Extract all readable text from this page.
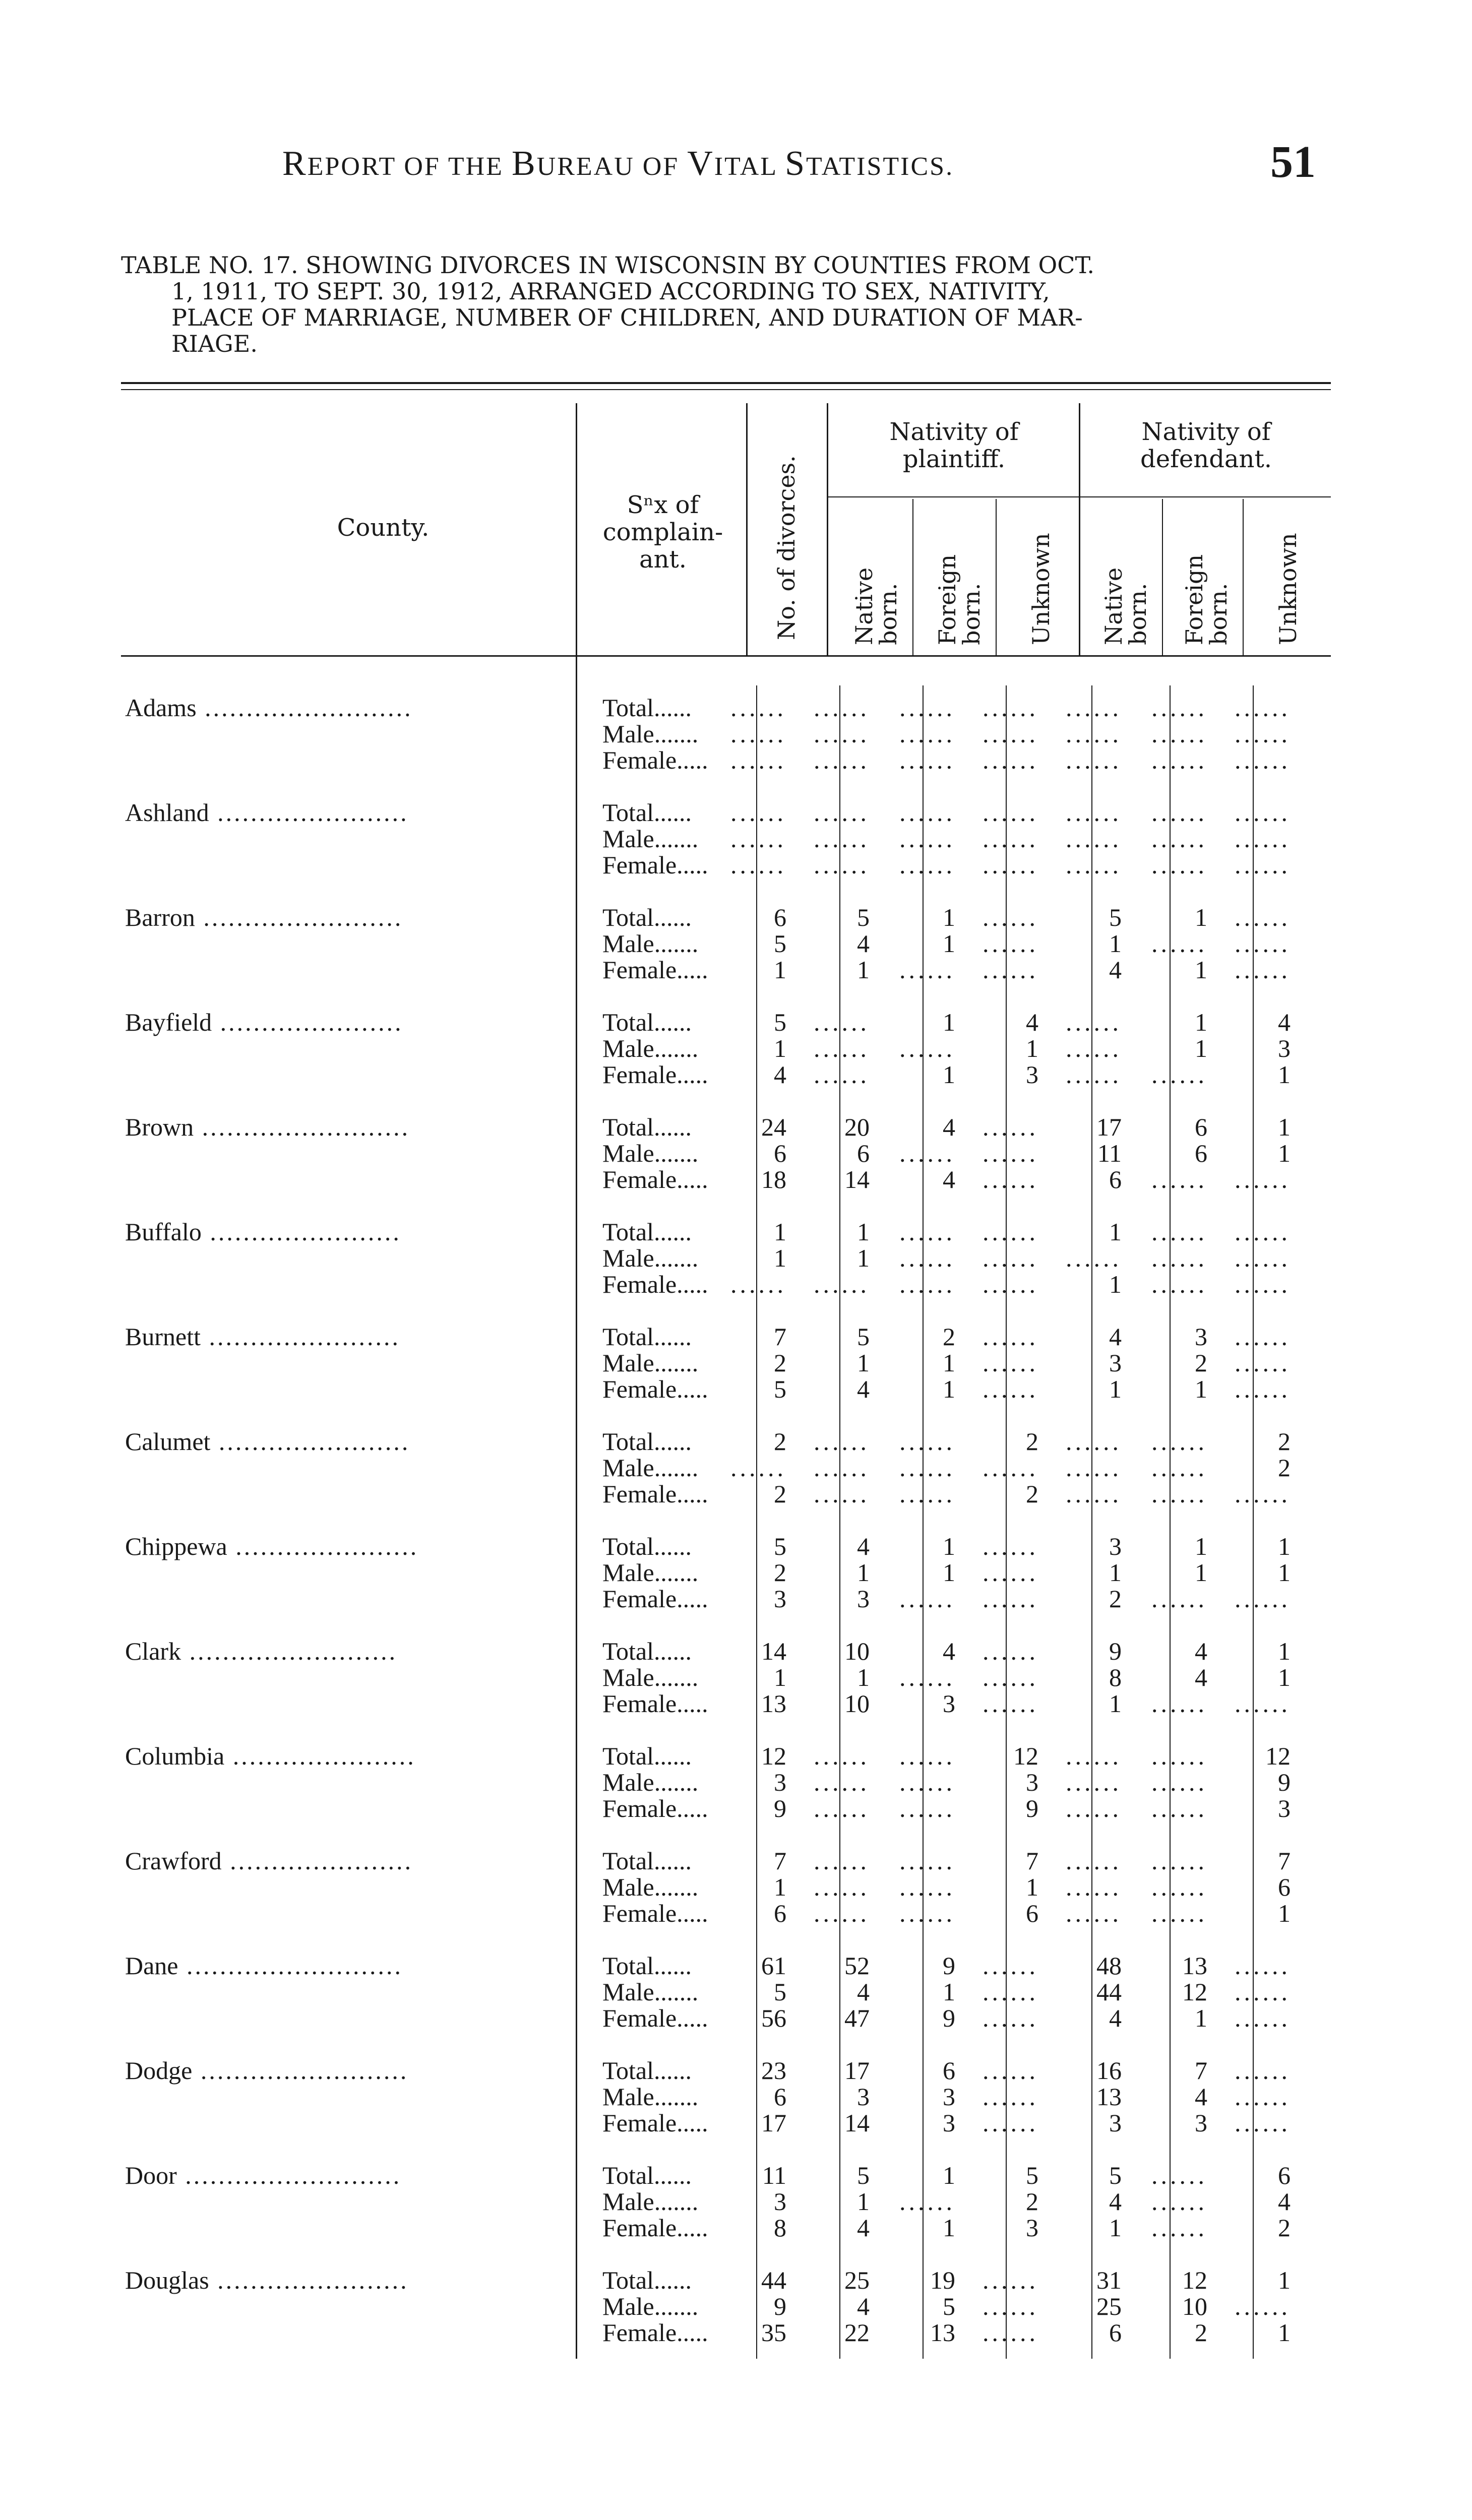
REPORT OF THE BUREAU OF VITAL STATISTICS.	51
TABLE NO. 17. SHOWING DIVORCES IN WISCONSIN BY COUNTIES FROM OCT.
1, 1911, TO SEPT. 30, 1912, ARRANGED ACCORDING TO SEX, NATIVITY,
PLACE OF MARRIAGE, NUMBER OF CHILDREN, AND DURATION OF MAR-
RIAGE.
County.
Sⁿx of
complain-
ant.	No. of divorces.
Nativity of
plaintiff.
Nativity of
defendant.
Native born. Foreign born. Unknown Native born. Foreign born. Unknown
Adams .........................	Total......	......	......	......	......	......	......	......
Male.......	......	......	......	......	......	......	......
Female..... ......	......	......	......	......	......	......
Ashland .......................	Total......	......	......	......	......	......	......	......
Male.......	......	......	......	......	......	......	......
Female..... ......	......	......	......	......	......	......
Barron ........................	Total......	6	5	1	......	5	1	......
Male.......	5	4	1	......	1	......	......
Female.....	1	1	......	......	4	1	......
Bayfield ......................	Total......	5	......	1	4	......	1	4
Male.......	1	......	......	1	......	1	3
Female.....	4	......	1	3	......	......	1
Brown .........................	Total......	24	20	4	......	17	6	1
Male.......	6	6	......	......	11	6	1
Female.....	18	14	4	......	6	......	......
Buffalo .......................	Total......	1	1	......	......	1	......	......
Male.......	1	1	......	......	......	......	......
Female..... ......	......	......	......	1	......	......
Burnett .......................	Total......	7	5	2	......	4	3	......
Male.......	2	1	1	......	3	2	......
Female.....	5	4	1	......	1	1	......
Calumet .......................	Total......	2	......	......	2	......	......	2
Male.......	......	......	......	......	......	......	2
Female.....	2	......	......	2	......	......	......
Chippewa ......................	Total......	5	4	1	......	3	1	1
Male.......	2	1	1	......	1	1	1
Female.....	3	3	......	......	2	......	......
Clark .........................	Total......	14	10	4	......	9	4	1
Male.......	1	1	......	......	8	4	1
Female.....	13	10	3	......	1	......	......
Columbia ......................	Total......	12	......	......	12	......	......	12
Male.......	3	......	......	3	......	......	9
Female.....	9	......	......	9	......	......	3
Crawford ......................	Total......	7	......	......	7	......	......	7
Male.......	1	......	......	1	......	......	6
Female.....	6	......	......	6	......	......	1
Dane ..........................	Total......	61	52	9	......	48	13	......
Male.......	5	4	1	......	44	12	......
Female.....	56	47	9	......	4	1	......
Dodge .........................	Total......	23	17	6	......	16	7	......
Male.......	6	3	3	......	13	4	......
Female.....	17	14	3	......	3	3	......
Door ..........................	Total......	11	5	1	5	5	......	6
Male.......	3	1	......	2	4	......	4
Female.....	8	4	1	3	1	......	2
Douglas .......................	Total......	44	25	19	......	31	12	1
Male.......	9	4	5	......	25	10	......
Female.....	35	22	13	......	6	2	1
